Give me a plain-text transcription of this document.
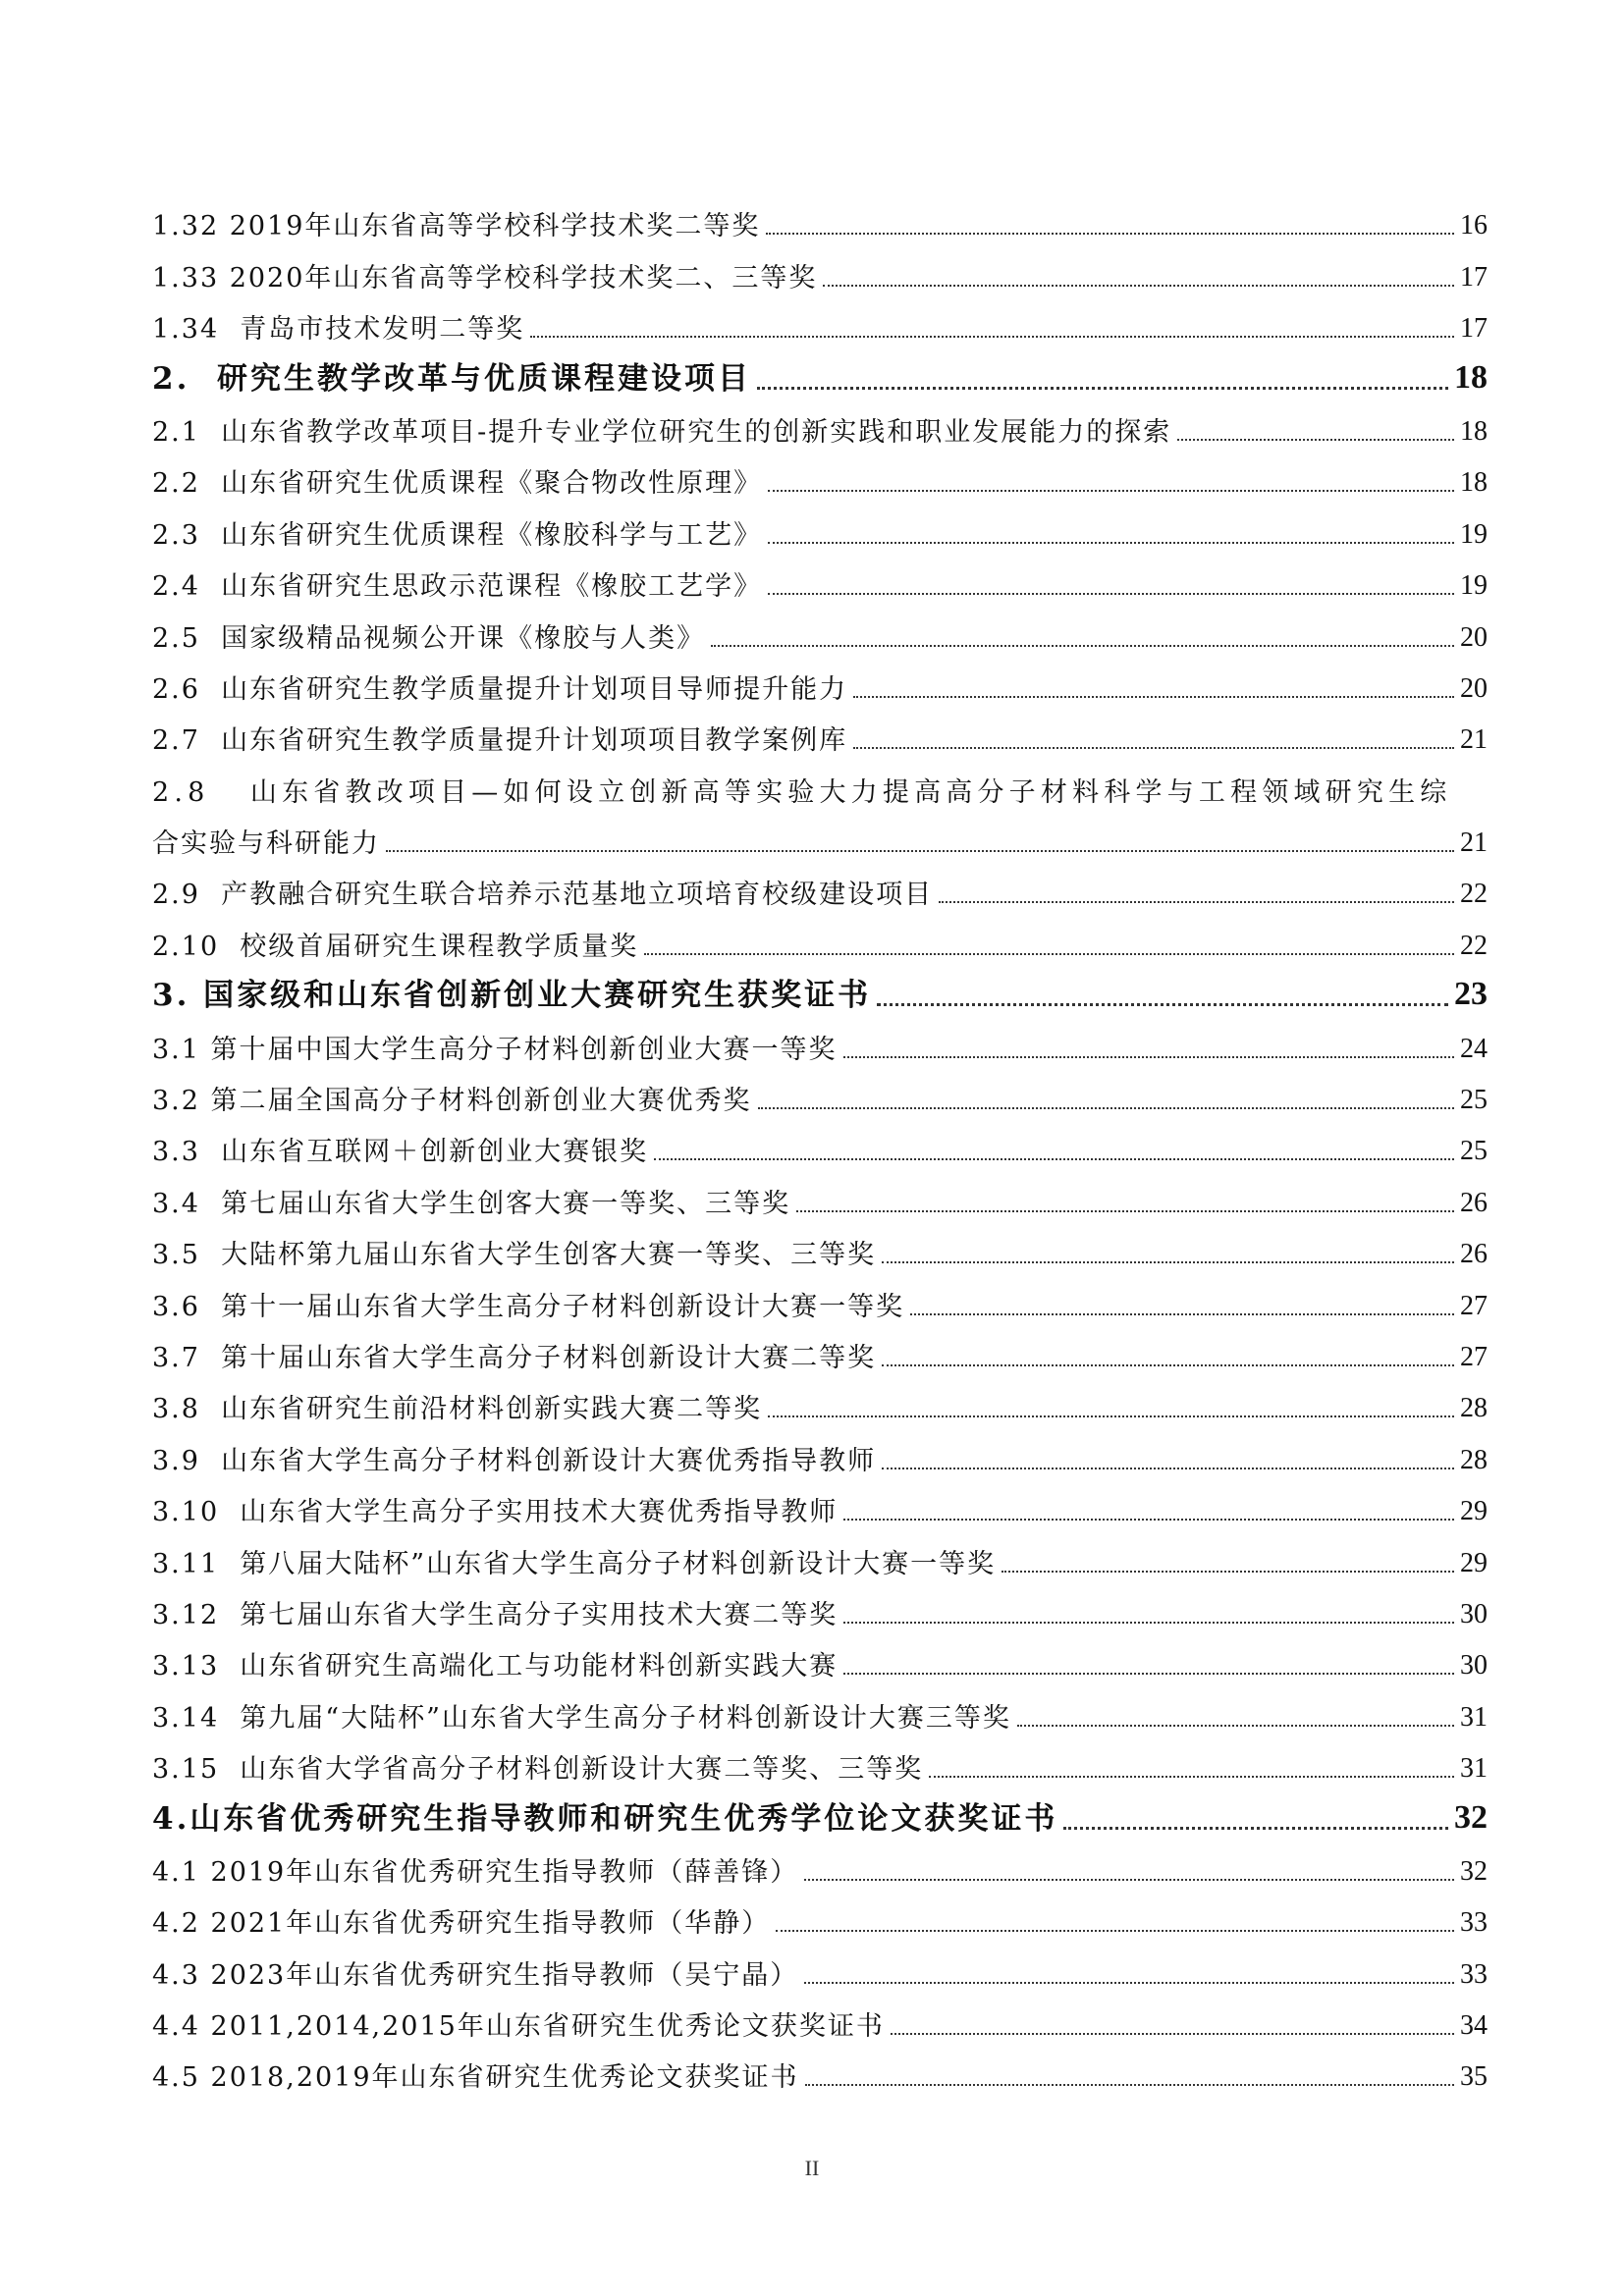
1.32 2019年山东省高等学校科学技术奖二等奖	16
1.33 2020年山东省高等学校科学技术奖二、三等奖	17
1.34  青岛市技术发明二等奖	17
2.  研究生教学改革与优质课程建设项目	18
2.1  山东省教学改革项目-提升专业学位研究生的创新实践和职业发展能力的探索	18
2.2  山东省研究生优质课程《聚合物改性原理》	18
2.3  山东省研究生优质课程《橡胶科学与工艺》	19
2.4  山东省研究生思政示范课程《橡胶工艺学》	19
2.5  国家级精品视频公开课《橡胶与人类》	20
2.6  山东省研究生教学质量提升计划项目导师提升能力	20
2.7  山东省研究生教学质量提升计划项项目教学案例库	21
2.8   山东省教改项目—如何设立创新高等实验大力提高高分子材料科学与工程领域研究生综
合实验与科研能力	21
2.9  产教融合研究生联合培养示范基地立项培育校级建设项目	22
2.10  校级首届研究生课程教学质量奖	22
3. 国家级和山东省创新创业大赛研究生获奖证书	23
3.1 第十届中国大学生高分子材料创新创业大赛一等奖	24
3.2 第二届全国高分子材料创新创业大赛优秀奖	25
3.3  山东省互联网＋创新创业大赛银奖	25
3.4  第七届山东省大学生创客大赛一等奖、三等奖	26
3.5  大陆杯第九届山东省大学生创客大赛一等奖、三等奖	26
3.6  第十一届山东省大学生高分子材料创新设计大赛一等奖	27
3.7  第十届山东省大学生高分子材料创新设计大赛二等奖	27
3.8  山东省研究生前沿材料创新实践大赛二等奖	28
3.9  山东省大学生高分子材料创新设计大赛优秀指导教师	28
3.10  山东省大学生高分子实用技术大赛优秀指导教师	29
3.11  第八届大陆杯”山东省大学生高分子材料创新设计大赛一等奖	29
3.12  第七届山东省大学生高分子实用技术大赛二等奖	30
3.13  山东省研究生高端化工与功能材料创新实践大赛	30
3.14  第九届“大陆杯”山东省大学生高分子材料创新设计大赛三等奖	31
3.15  山东省大学省高分子材料创新设计大赛二等奖、三等奖	31
4.山东省优秀研究生指导教师和研究生优秀学位论文获奖证书	32
4.1 2019年山东省优秀研究生指导教师（薛善锋）	32
4.2 2021年山东省优秀研究生指导教师（华静）	33
4.3 2023年山东省优秀研究生指导教师（吴宁晶）	33
4.4 2011,2014,2015年山东省研究生优秀论文获奖证书	34
4.5 2018,2019年山东省研究生优秀论文获奖证书	35
II
